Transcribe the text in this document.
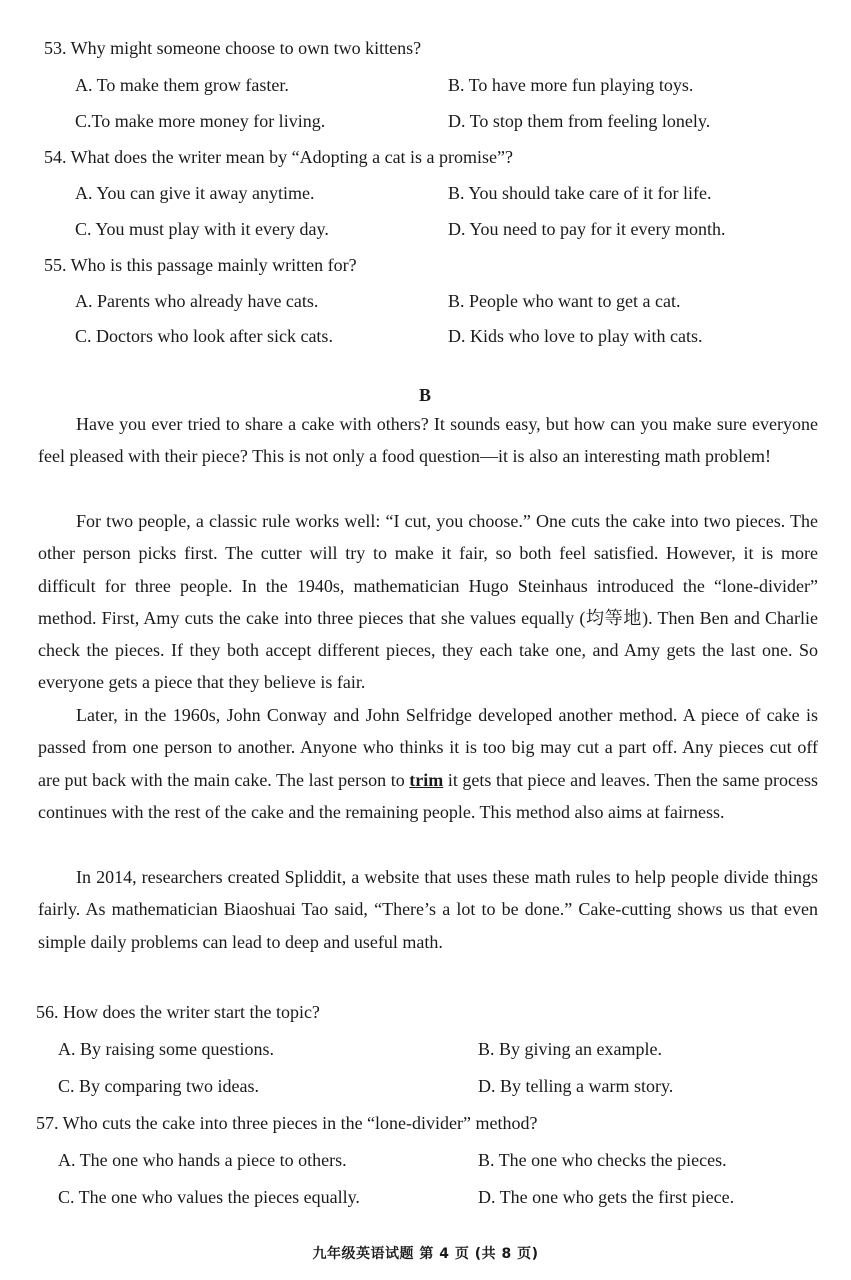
53. Why might someone choose to own two kittens?
A. To make them grow faster.	B. To have more fun playing toys.
C.To make more money for living.	D. To stop them from feeling lonely.
54. What does the writer mean by “Adopting a cat is a promise”?
A. You can give it away anytime.	B. You should take care of it for life.
C. You must play with it every day.	D. You need to pay for it every month.
55. Who is this passage mainly written for?
A. Parents who already have cats.	B. People who want to get a cat.
C. Doctors who look after sick cats.	D. Kids who love to play with cats.
B

Have you ever tried to share a cake with others? It sounds easy, but how can you make sure everyone feel pleased with their piece? This is not only a food question—it is also an interesting math problem!

For two people, a classic rule works well: “I cut, you choose.” One cuts the cake into two pieces. The other person picks first. The cutter will try to make it fair, so both feel satisfied. However, it is more difficult for three people. In the 1940s, mathematician Hugo Steinhaus introduced the “lone-divider” method. First, Amy cuts the cake into three pieces that she values equally (均等地). Then Ben and Charlie check the pieces. If they both accept different pieces, they each take one, and Amy gets the last one. So everyone gets a piece that they believe is fair.

Later, in the 1960s, John Conway and John Selfridge developed another method. A piece of cake is passed from one person to another. Anyone who thinks it is too big may cut a part off. Any pieces cut off are put back with the main cake. The last person to trim it gets that piece and leaves. Then the same process continues with the rest of the cake and the remaining people. This method also aims at fairness.

In 2014, researchers created Spliddit, a website that uses these math rules to help people divide things fairly. As mathematician Biaoshuai Tao said, “There’s a lot to be done.” Cake-cutting shows us that even simple daily problems can lead to deep and useful math.

56. How does the writer start the topic?
A. By raising some questions.	B. By giving an example.
C. By comparing two ideas.	D. By telling a warm story.
57. Who cuts the cake into three pieces in the “lone-divider” method?
A. The one who hands a piece to others.	B. The one who checks the pieces.
C. The one who values the pieces equally.	D. The one who gets the first piece.
九年级英语试题 第 4 页 (共 8 页)
